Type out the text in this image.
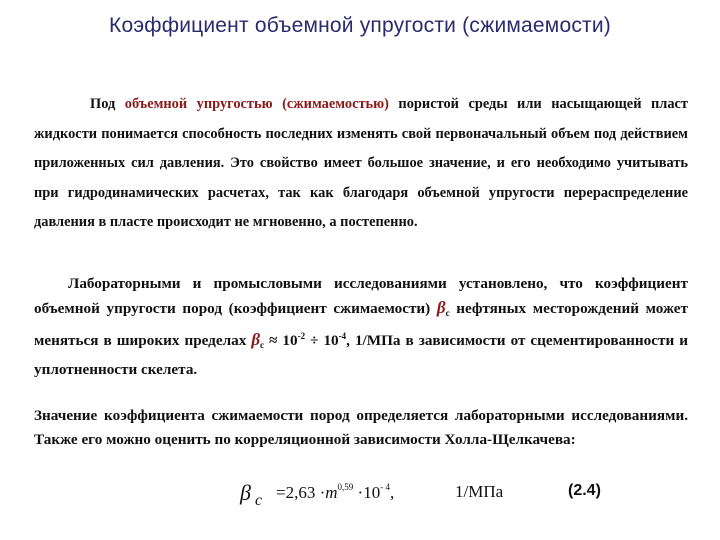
Коэффициент объемной упругости (сжимаемости)

Под объемной упругостью (сжимаемостью) пористой среды или насыщающей пласт жидкости понимается способность последних изменять свой первоначальный объем под действием приложенных сил давления. Это свойство имеет большое значение, и его необходимо учитывать при гидродинамических расчетах, так как благодаря объемной упругости перераспределение давления в пласте происходит не мгновенно, а постепенно.

Лабораторными и промысловыми исследованиями установлено, что коэффициент объемной упругости пород (коэффициент сжимаемости) $\beta_с$ нефтяных месторождений может меняться в широких пределах $\beta_с \approx 10^{-2} \div 10^{-4}$, 1/МПа в зависимости от сцементированности и уплотненности скелета.

Значение коэффициента сжимаемости пород определяется лабораторными исследованиями. Также его можно оценить по корреляционной зависимости Холла-Щелкачева:

β $c =2,63 \cdot m^{0,59} \cdot 10^{- 4}$,	1/МПа	(2.4)
